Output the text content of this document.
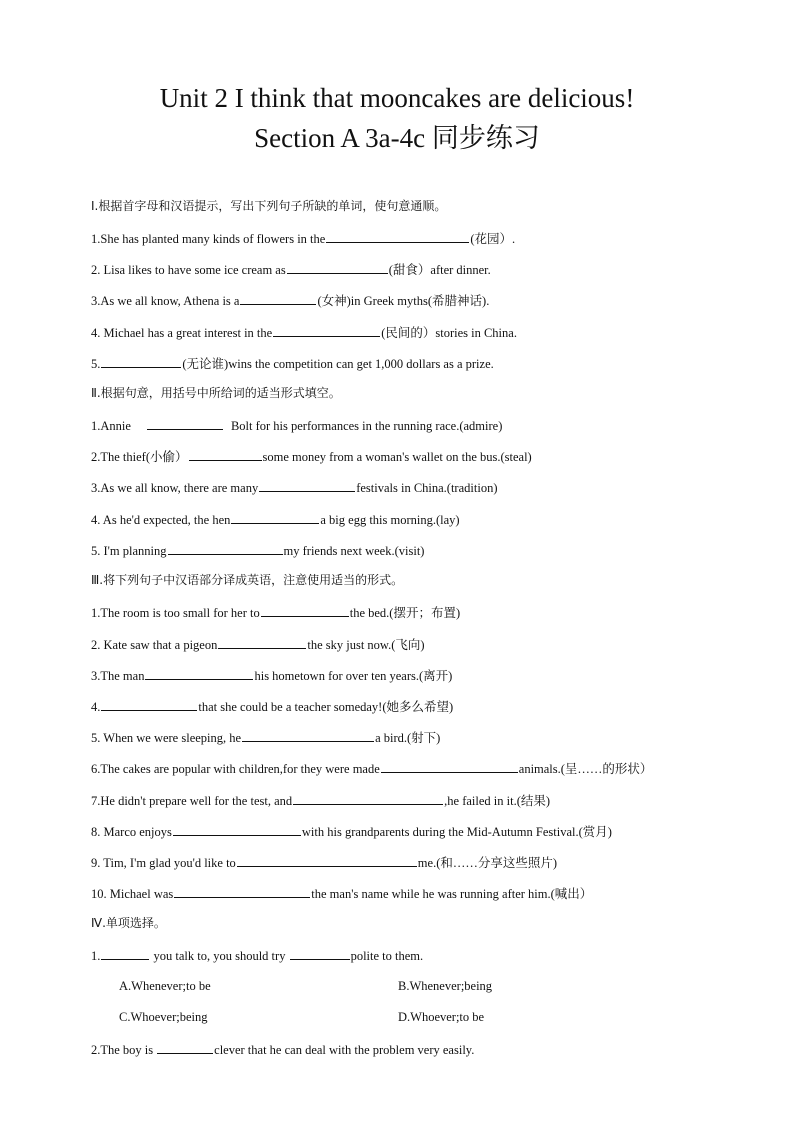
Unit 2 I think that mooncakes are delicious!
Section A 3a-4c 同步练习
Ⅰ.根据首字母和汉语提示，写出下列句子所缺的单词，使句意通顺。
1.She has planted many kinds of flowers in the	(花园）.
2. Lisa likes to have some ice cream as	(甜食）after dinner.
3.As we all know, Athena is a	(女神)in Greek myths(希腊神话).
4. Michael has a great interest in the	(民间的）stories in China.
5.	(无论谁)wins the competition can get 1,000 dollars as a prize.
Ⅱ.根据句意，用括号中所给词的适当形式填空。
1.Annie	Bolt for his performances in the running race.(admire)
2.The thief(小偷）	some money from a woman's wallet on the bus.(steal)
3.As we all know, there are many	festivals in China.(tradition)
4. As he'd expected, the hen	a big egg this morning.(lay)
5. I'm planning	my friends next week.(visit)
Ⅲ.将下列句子中汉语部分译成英语，注意使用适当的形式。
1.The room is too small for her to	the bed.(摆开；布置)
2. Kate saw that a pigeon	the sky just now.(飞向)
3.The man	his hometown for over ten years.(离开)
4.	that she could be a teacher someday!(她多么希望)
5. When we were sleeping, he	a bird.(射下)
6.The cakes are popular with children,for they were made	animals.(呈……的形状）
7.He didn't prepare well for the test, and	,he failed in it.(结果)
8. Marco enjoys	with his grandparents during the Mid-Autumn Festival.(赏月)
9. Tim, I'm glad you'd like to	me.(和……分享这些照片)
10. Michael was	the man's name while he was running after him.(喊出）
Ⅳ.单项选择。
1.	you talk to, you should try	polite to them.
A.Whenever;to be	B.Whenever;being
C.Whoever;being	D.Whoever;to be
2.The boy is	clever that he can deal with the problem very easily.
